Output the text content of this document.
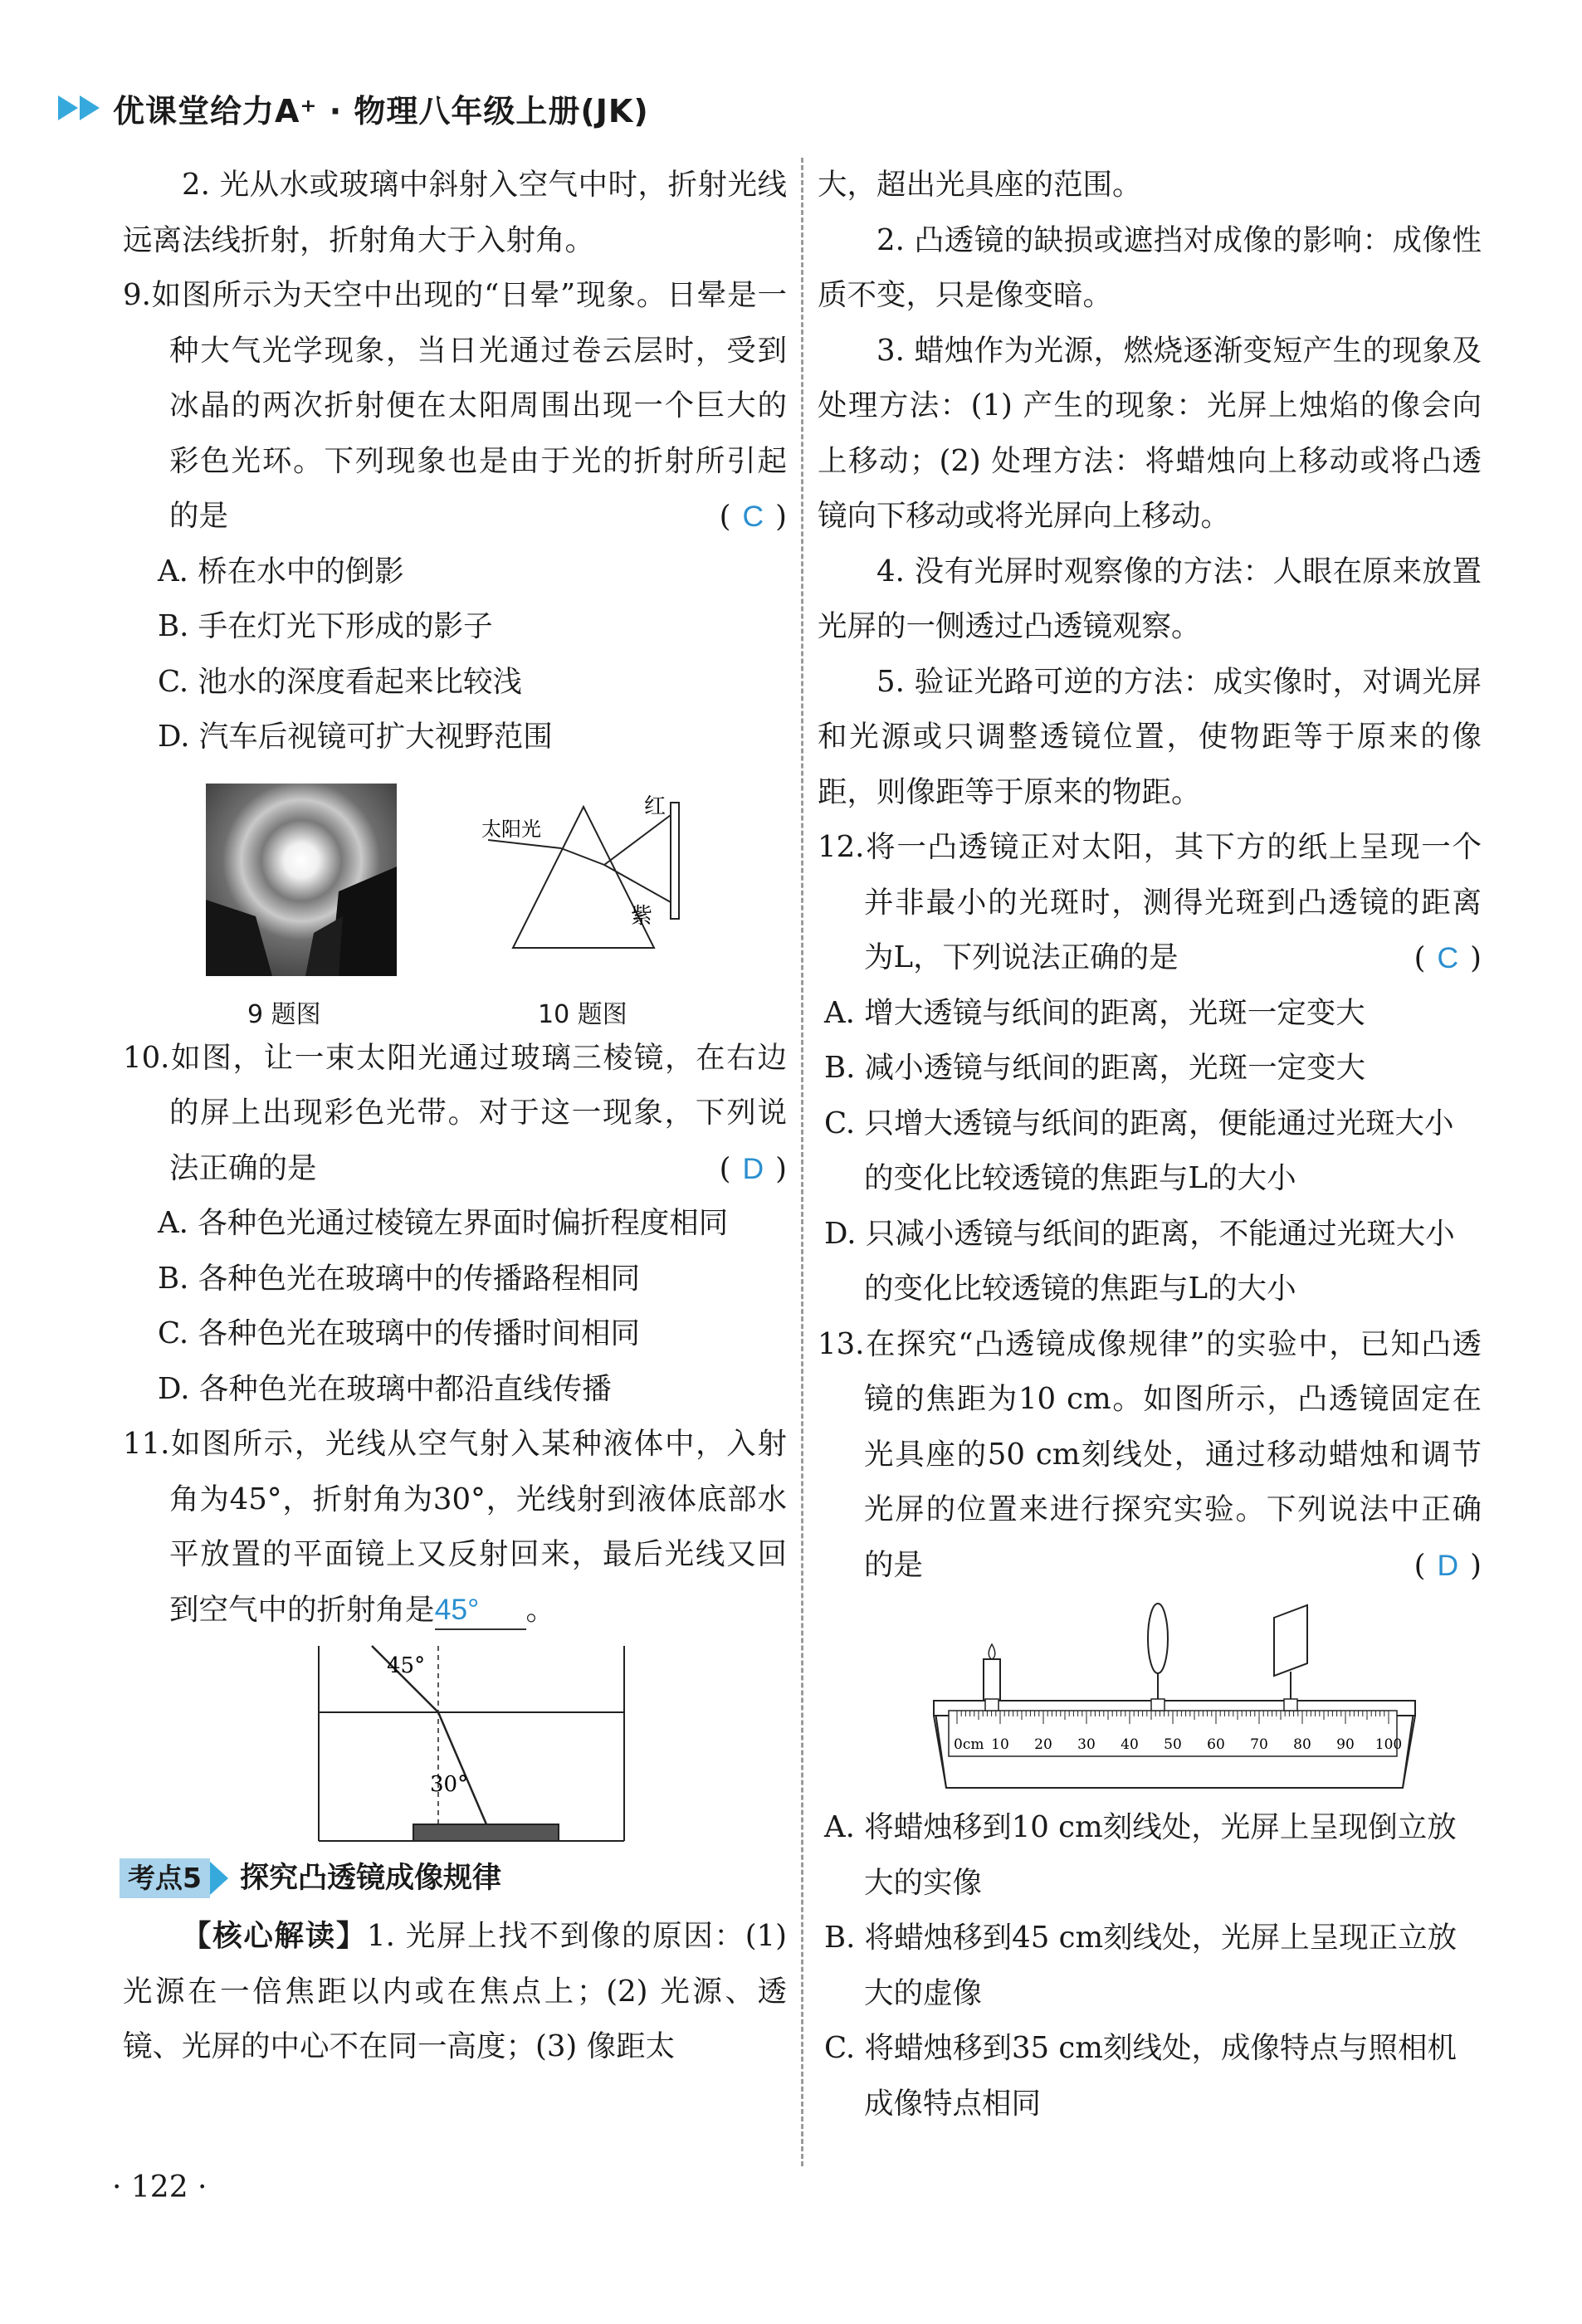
优课堂给力A⁺ · 物理八年级上册(JK)
2. 光从水或玻璃中斜射入空气中时，折射光线远离法线折射，折射角大于入射角。
9.如图所示为天空中出现的“日晕”现象。日晕是一种大气光学现象，当日光通过卷云层时，受到冰晶的两次折射便在太阳周围出现一个巨大的彩色光环。下列现象也是由于光的折射所引起的是	( C )
A. 桥在水中的倒影
B. 手在灯光下形成的影子
C. 池水的深度看起来比较浅
D. 汽车后视镜可扩大视野范围
9 题图
太阳光
红
紫
10 题图
10.如图，让一束太阳光通过玻璃三棱镜，在右边的屏上出现彩色光带。对于这一现象，下列说法正确的是	( D )
A. 各种色光通过棱镜左界面时偏折程度相同
B. 各种色光在玻璃中的传播路程相同
C. 各种色光在玻璃中的传播时间相同
D. 各种色光在玻璃中都沿直线传播
11.如图所示，光线从空气射入某种液体中，入射角为45°，折射角为30°，光线射到液体底部水平放置的平面镜上又反射回来，最后光线又回到空气中的折射角是45° 。
45°
30°
考点5 探究凸透镜成像规律
【核心解读】1. 光屏上找不到像的原因：(1) 光源在一倍焦距以内或在焦点上；(2) 光源、透镜、光屏的中心不在同一高度；(3) 像距太
大，超出光具座的范围。
2. 凸透镜的缺损或遮挡对成像的影响：成像性质不变，只是像变暗。
3. 蜡烛作为光源，燃烧逐渐变短产生的现象及处理方法：(1) 产生的现象：光屏上烛焰的像会向上移动；(2) 处理方法：将蜡烛向上移动或将凸透镜向下移动或将光屏向上移动。
4. 没有光屏时观察像的方法：人眼在原来放置光屏的一侧透过凸透镜观察。
5. 验证光路可逆的方法：成实像时，对调光屏和光源或只调整透镜位置，使物距等于原来的像距，则像距等于原来的物距。
12.将一凸透镜正对太阳，其下方的纸上呈现一个并非最小的光斑时，测得光斑到凸透镜的距离为L，下列说法正确的是	( C )
A. 增大透镜与纸间的距离，光斑一定变大
B. 减小透镜与纸间的距离，光斑一定变大
C. 只增大透镜与纸间的距离，便能通过光斑大小的变化比较透镜的焦距与L的大小
D. 只减小透镜与纸间的距离，不能通过光斑大小的变化比较透镜的焦距与L的大小
13.在探究“凸透镜成像规律”的实验中，已知凸透镜的焦距为10 cm。如图所示，凸透镜固定在光具座的50 cm刻线处，通过移动蜡烛和调节光屏的位置来进行探究实验。下列说法中正确的是	( D )
0cm 10 20 30 40 50 60 70 80 90 100
A. 将蜡烛移到10 cm刻线处，光屏上呈现倒立放大的实像
B. 将蜡烛移到45 cm刻线处，光屏上呈现正立放大的虚像
C. 将蜡烛移到35 cm刻线处，成像特点与照相机成像特点相同
· 122 ·
